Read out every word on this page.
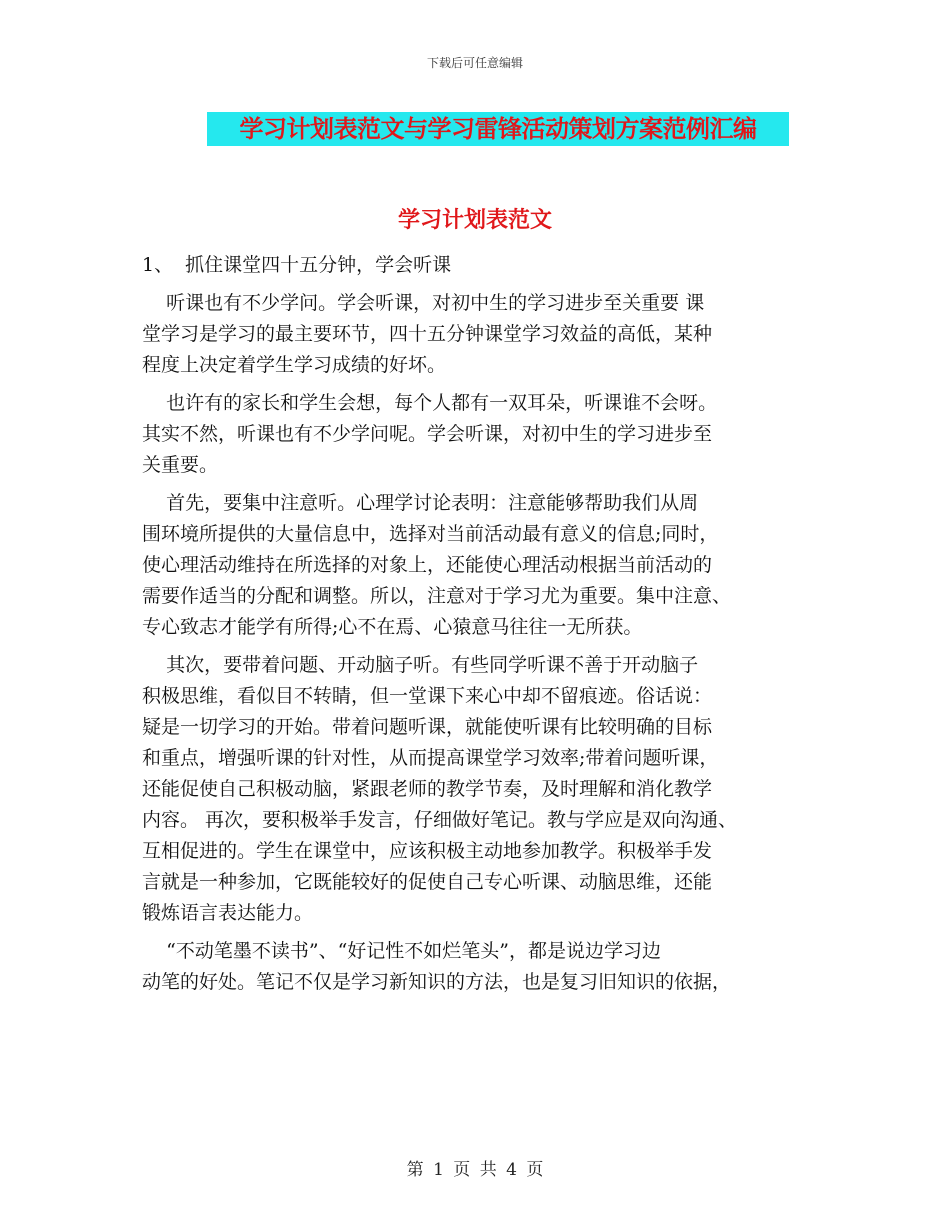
下载后可任意编辑
学习计划表范文与学习雷锋活动策划方案范例汇编
学习计划表范文
1、  抓住课堂四十五分钟，学会听课
听课也有不少学问。学会听课，对初中生的学习进步至关重要 课
堂学习是学习的最主要环节，四十五分钟课堂学习效益的高低，某种
程度上决定着学生学习成绩的好坏。
也许有的家长和学生会想，每个人都有一双耳朵，听课谁不会呀。
其实不然，听课也有不少学问呢。学会听课，对初中生的学习进步至
关重要。
首先，要集中注意听。心理学讨论表明：注意能够帮助我们从周
围环境所提供的大量信息中，选择对当前活动最有意义的信息;同时，
使心理活动维持在所选择的对象上，还能使心理活动根据当前活动的
需要作适当的分配和调整。所以，注意对于学习尤为重要。集中注意、
专心致志才能学有所得;心不在焉、心猿意马往往一无所获。
其次，要带着问题、开动脑子听。有些同学听课不善于开动脑子
积极思维，看似目不转睛，但一堂课下来心中却不留痕迹。俗话说：
疑是一切学习的开始。带着问题听课，就能使听课有比较明确的目标
和重点，增强听课的针对性，从而提高课堂学习效率;带着问题听课，
还能促使自己积极动脑，紧跟老师的教学节奏，及时理解和消化教学
内容。 再次，要积极举手发言，仔细做好笔记。教与学应是双向沟通、
互相促进的。学生在课堂中，应该积极主动地参加教学。积极举手发
言就是一种参加，它既能较好的促使自己专心听课、动脑思维，还能
锻炼语言表达能力。
“不动笔墨不读书”、“好记性不如烂笔头”，都是说边学习边
动笔的好处。笔记不仅是学习新知识的方法，也是复习旧知识的依据，
第 1 页 共 4 页
